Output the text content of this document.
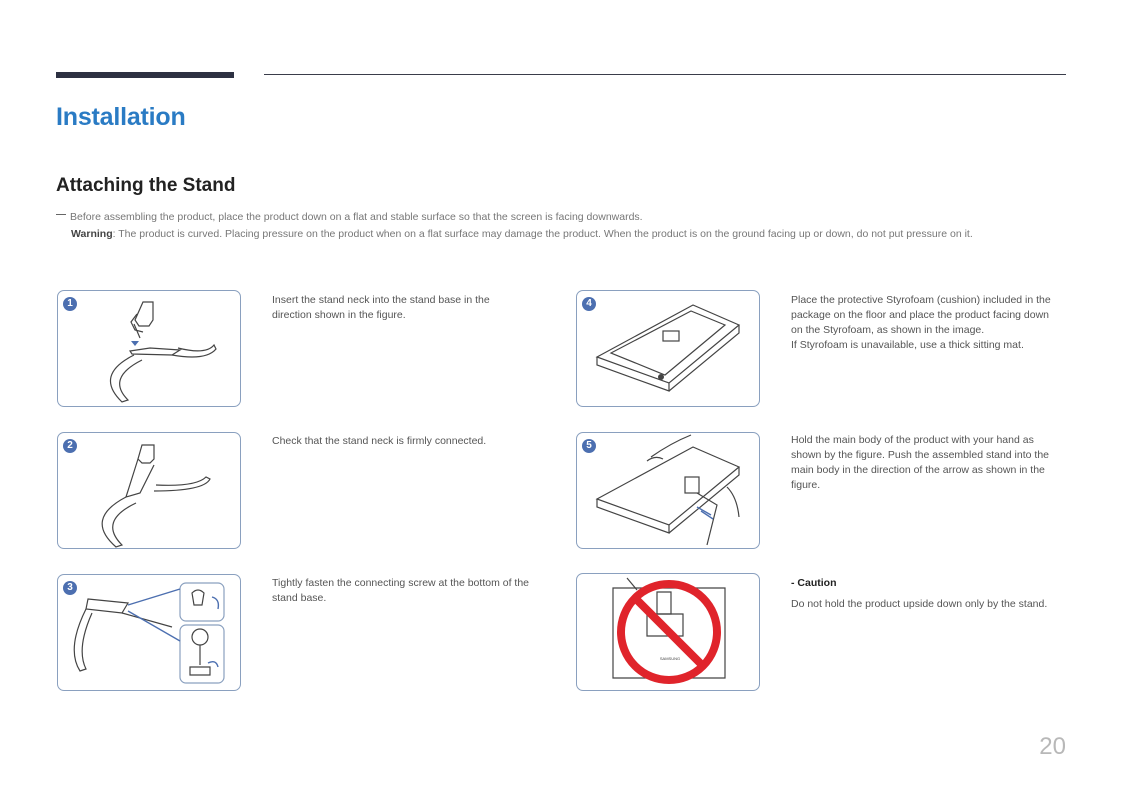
Installation
Attaching the Stand
Before assembling the product, place the product down on a flat and stable surface so that the screen is facing downwards.
Warning: The product is curved. Placing pressure on the product when on a flat surface may damage the product. When the product is on the ground facing up or down, do not put pressure on it.
1	Insert the stand neck into the stand base in the direction shown in the figure.
2	Check that the stand neck is firmly connected.
3	Tightly fasten the connecting screw at the bottom of the stand base.
4	Place the protective Styrofoam (cushion) included in the package on the floor and place the product facing down on the Styrofoam, as shown in the image.
If Styrofoam is unavailable, use a thick sitting mat.
5	Hold the main body of the product with your hand as shown by the figure. Push the assembled stand into the main body in the direction of the arrow as shown in the figure.
SAMSUNG
- Caution
Do not hold the product upside down only by the stand.
20
